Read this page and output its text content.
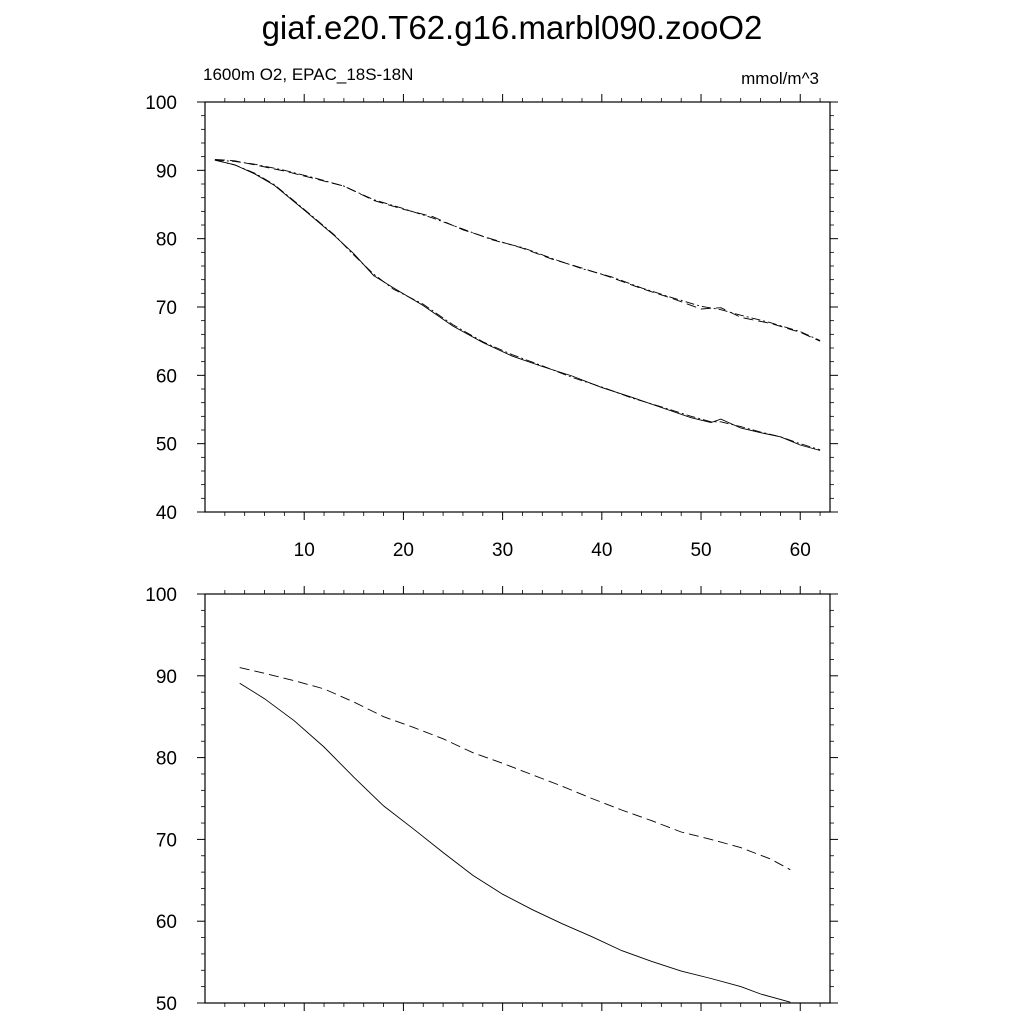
giaf.e20.T62.g16.marbl090.zooO2
1600m O2, EPAC_18S-18N	mmol/m^3
40
50
60
70
80
90
100
10	20	30	40	50	60
50
60
70
80
90
100
